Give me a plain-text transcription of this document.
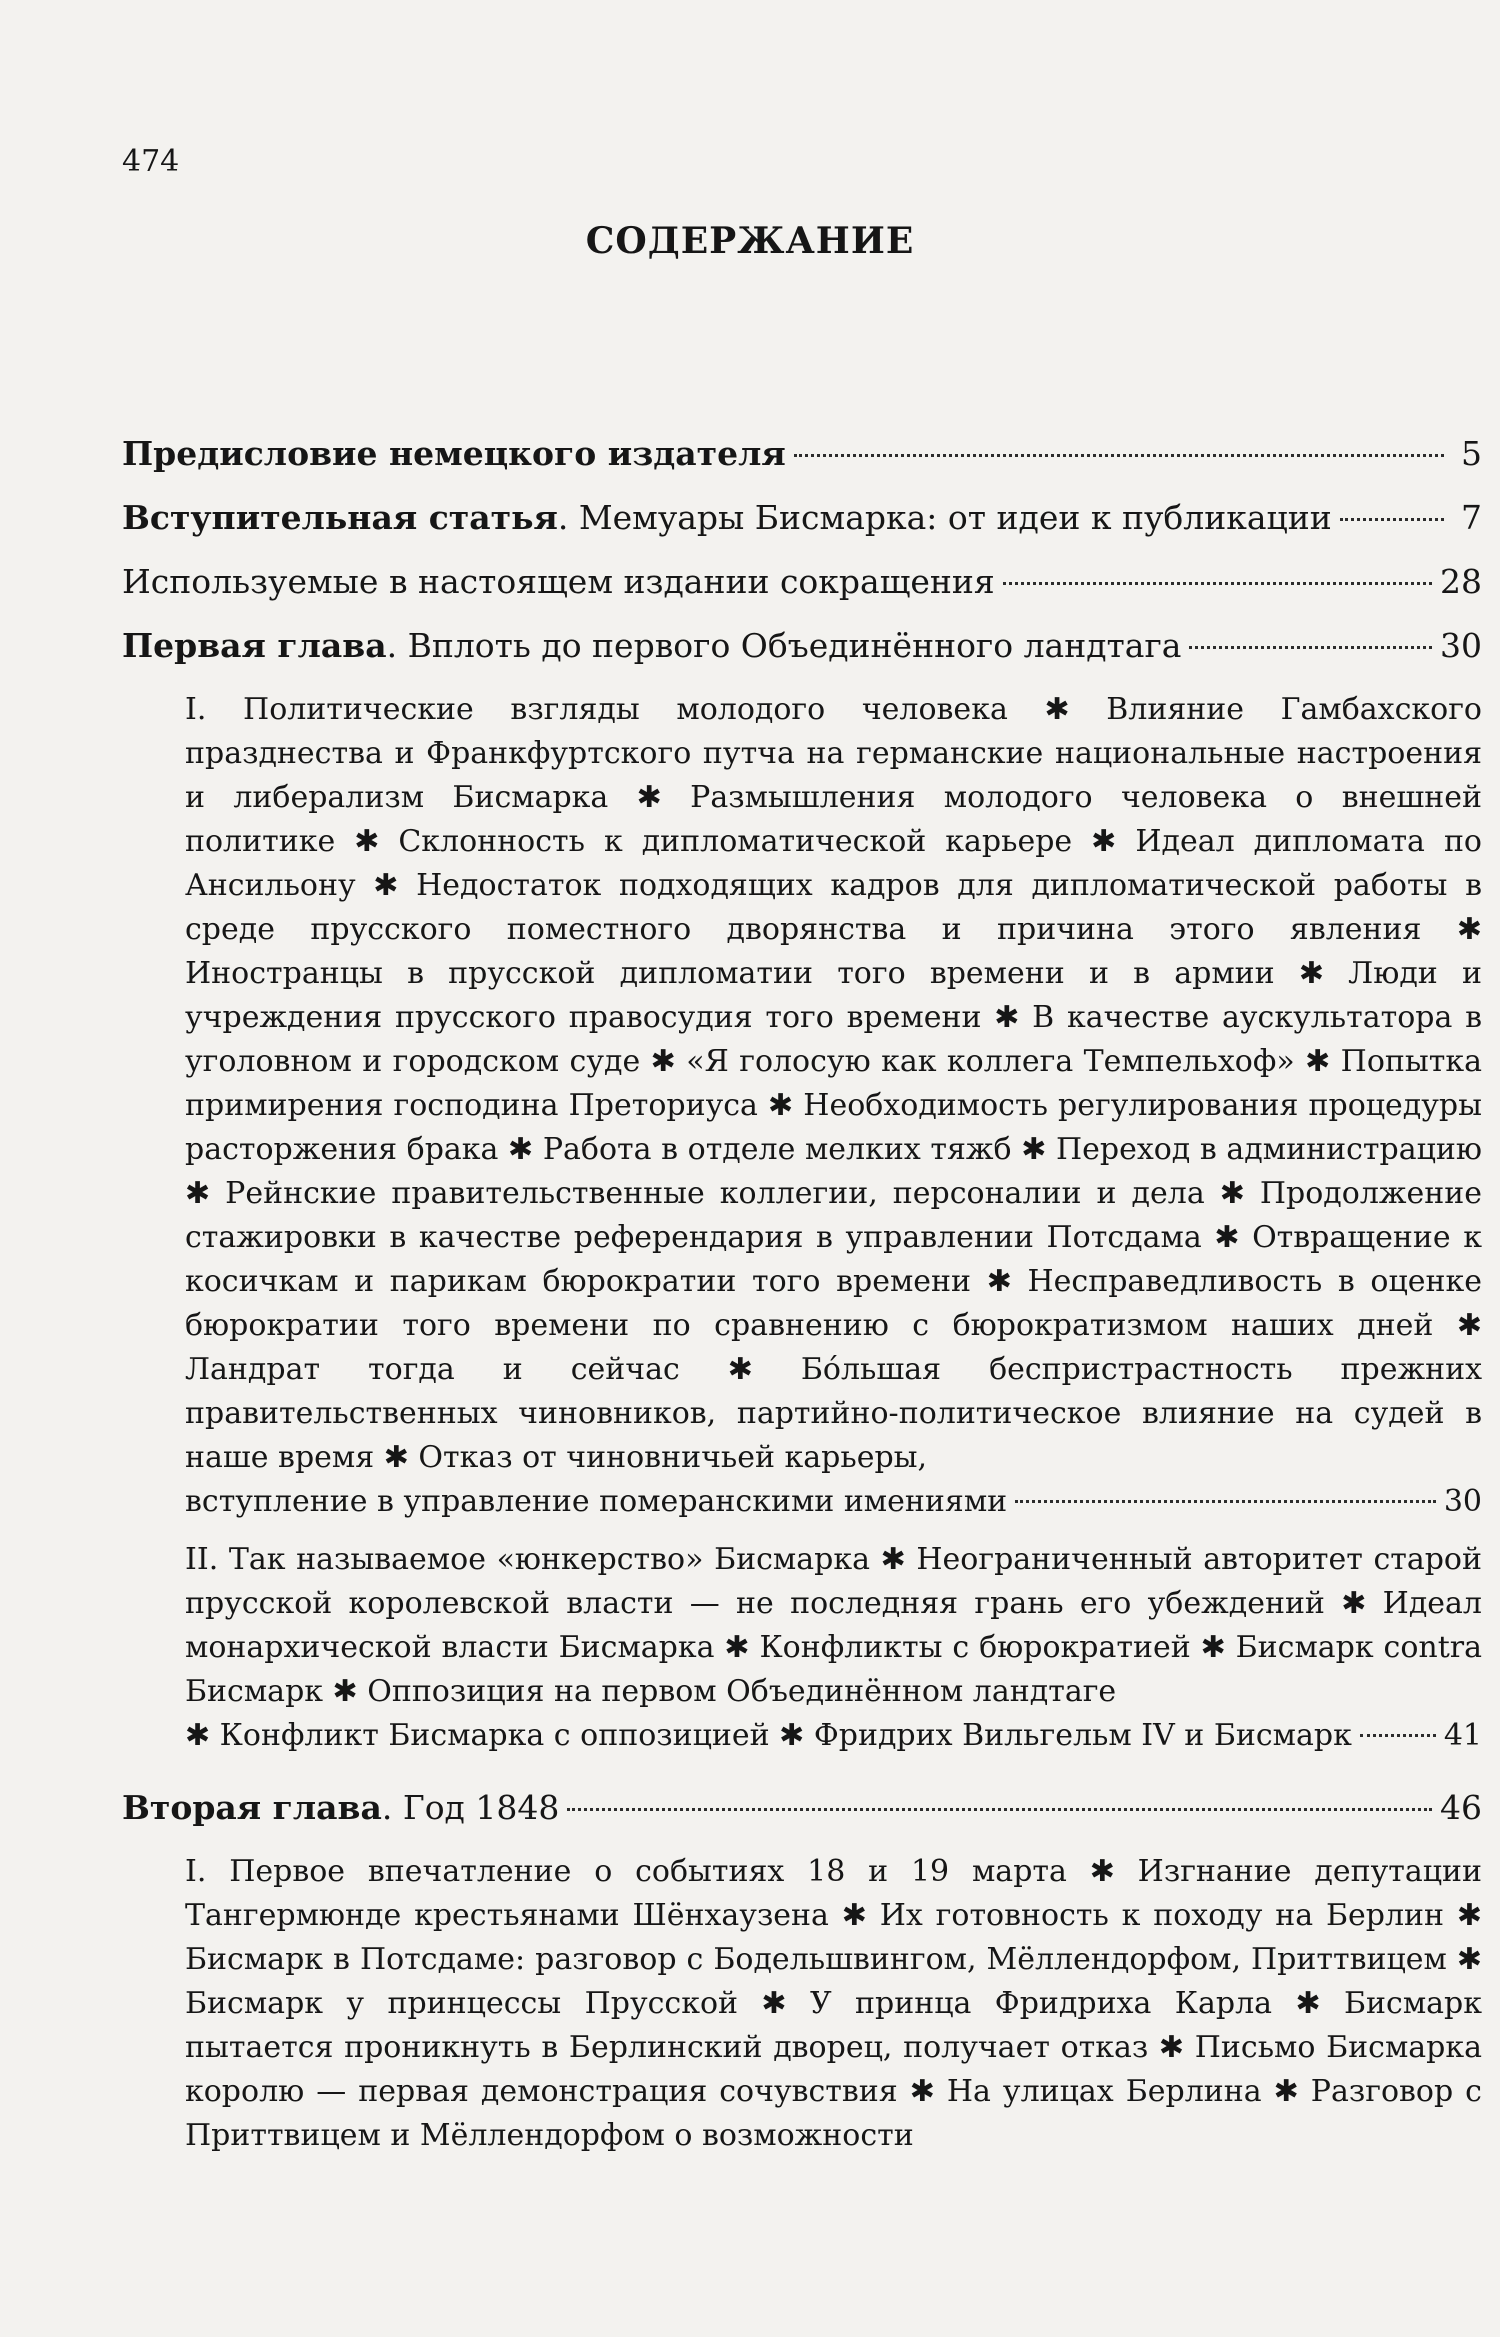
474
СОДЕРЖАНИЕ
Предисловие немецкого издателя	5
Вступительная статья. Мемуары Бисмарка: от идеи к публикации	7
Используемые в настоящем издании сокращения	28
Первая глава. Вплоть до первого Объединённого ландтага	30
I. Политические взгляды молодого человека ✱ Влияние Гамбахского празднества и Франкфуртского путча на германские национальные настроения и либерализм Бисмарка ✱ Размышления молодого человека о внешней политике ✱ Склонность к дипломатической карьере ✱ Идеал дипломата по Ансильону ✱ Недостаток подходящих кадров для дипломатической работы в среде прусского поместного дворянства и причина этого явления ✱ Иностранцы в прусской дипломатии того времени и в армии ✱ Люди и учреждения прусского правосудия того времени ✱ В качестве аускультатора в уголовном и городском суде ✱ «Я голосую как коллега Темпельхоф» ✱ Попытка примирения господина Преториуса ✱ Необходимость регулирования процедуры расторжения брака ✱ Работа в отделе мелких тяжб ✱ Переход в администрацию ✱ Рейнские правительственные коллегии, персоналии и дела ✱ Продолжение стажировки в качестве референдария в управлении Потсдама ✱ Отвращение к косичкам и парикам бюрократии того времени ✱ Несправедливость в оценке бюрократии того времени по сравнению с бюрократизмом наших дней ✱ Ландрат тогда и сейчас ✱ Бóльшая беспристрастность прежних правительственных чиновников, партийно-политическое влияние на судей в наше время ✱ Отказ от чиновничьей карьеры,
вступление в управление померанскими имениями	30
II. Так называемое «юнкерство» Бисмарка ✱ Неограниченный авторитет старой прусской королевской власти — не последняя грань его убеждений ✱ Идеал монархической власти Бисмарка ✱ Конфликты с бюрократией ✱ Бисмарк contra Бисмарк ✱ Оппозиция на первом Объединённом ландтаге
✱ Конфликт Бисмарка с оппозицией ✱ Фридрих Вильгельм IV и Бисмарк	41
Вторая глава. Год 1848	46
I. Первое впечатление о событиях 18 и 19 марта ✱ Изгнание депутации Тангермюнде крестьянами Шёнхаузена ✱ Их готовность к походу на Берлин ✱ Бисмарк в Потсдаме: разговор с Бодельшвингом, Мёллендорфом, Приттвицем ✱ Бисмарк у принцессы Прусской ✱ У принца Фридриха Карла ✱ Бисмарк пытается проникнуть в Берлинский дворец, получает отказ ✱ Письмо Бисмарка королю — первая демонстрация сочувствия ✱ На улицах Берлина ✱ Разговор с Приттвицем и Мёллендорфом о возможности
